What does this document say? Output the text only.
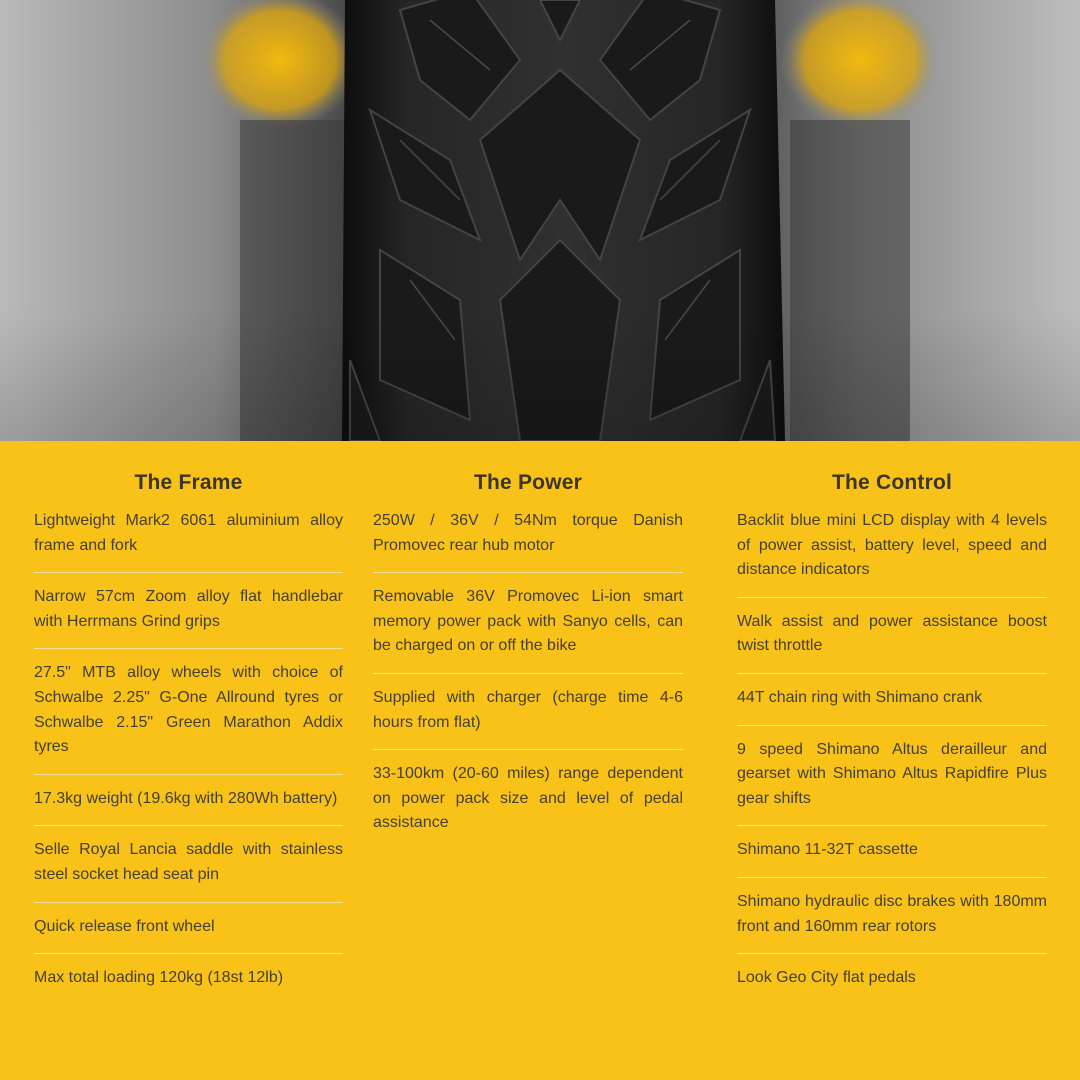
The Frame
Lightweight Mark2 6061 aluminium alloy frame and fork
Narrow 57cm Zoom alloy flat handlebar with Herrmans Grind grips
27.5" MTB alloy wheels with choice of Schwalbe 2.25" G-One Allround tyres or Schwalbe 2.15" Green Marathon Addix tyres
17.3kg weight (19.6kg with 280Wh battery)
Selle Royal Lancia saddle with stainless steel socket head seat pin
Quick release front wheel
Max total loading 120kg (18st 12lb)
The Power
250W / 36V / 54Nm torque Danish Promovec rear hub motor
Removable 36V Promovec Li-ion smart memory power pack with Sanyo cells, can be charged on or off the bike
Supplied with charger (charge time 4-6 hours from flat)
33-100km (20-60 miles) range dependent on power pack size and level of pedal assistance
The Control
Backlit blue mini LCD display with 4 levels of power assist, battery level, speed and distance indicators
Walk assist and power assistance boost twist throttle
44T chain ring with Shimano crank
9 speed Shimano Altus derailleur and gearset with Shimano Altus Rapidfire Plus gear shifts
Shimano 11-32T cassette
Shimano hydraulic disc brakes with 180mm front and 160mm rear rotors
Look Geo City flat pedals
